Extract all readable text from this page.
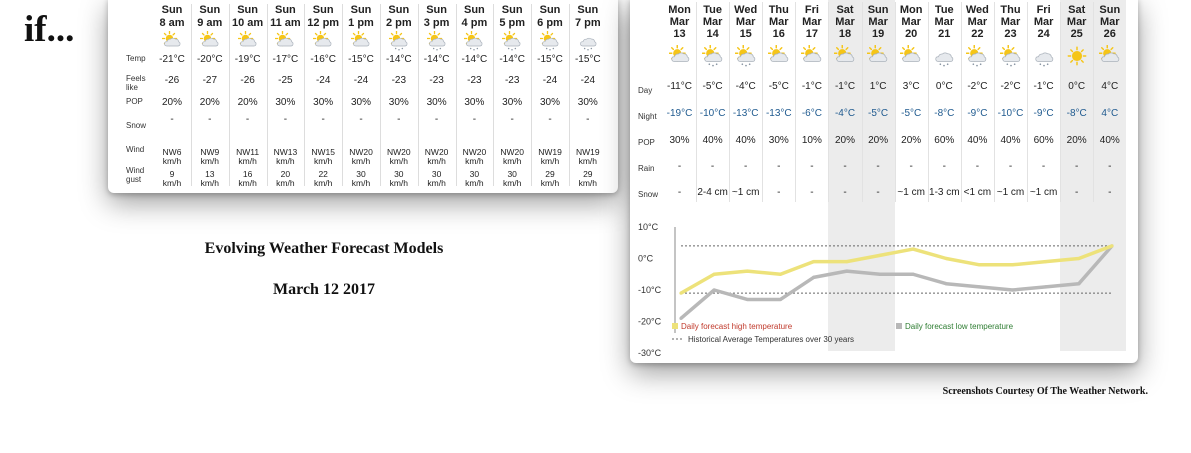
if...
Temp
Feels like
POP
Snow
Wind
Wind gust
Sun
8 am
-21°C
-26
20%
-
NW6
km/h
9
km/h
Sun
9 am
-20°C
-27
20%
-
NW9
km/h
13
km/h
Sun
10 am
-19°C
-26
20%
-
NW11
km/h
16
km/h
Sun
11 am
-17°C
-25
30%
-
NW13
km/h
20
km/h
Sun
12 pm
-16°C
-24
30%
-
NW15
km/h
22
km/h
Sun
1 pm
-15°C
-24
30%
-
NW20
km/h
30
km/h
Sun
2 pm
-14°C
-23
30%
-
NW20
km/h
30
km/h
Sun
3 pm
-14°C
-23
30%
-
NW20
km/h
30
km/h
Sun
4 pm
-14°C
-23
30%
-
NW20
km/h
30
km/h
Sun
5 pm
-14°C
-23
30%
-
NW20
km/h
30
km/h
Sun
6 pm
-15°C
-24
30%
-
NW19
km/h
29
km/h
Sun
7 pm
-15°C
-24
30%
-
NW19
km/h
29
km/h
Day
Night
POP
Rain
Snow
Mon
Mar
13
-11°C
-19°C
30%
-
-
Tue
Mar
14
-5°C
-10°C
40%
-
2-4 cm
Wed
Mar
15
-4°C
-13°C
40%
-
~1 cm
Thu
Mar
16
-5°C
-13°C
30%
-
-
Fri
Mar
17
-1°C
-6°C
10%
-
-
Sat
Mar
18
-1°C
-4°C
20%
-
-
Sun
Mar
19
1°C
-5°C
20%
-
-
Mon
Mar
20
3°C
-5°C
20%
-
~1 cm
Tue
Mar
21
0°C
-8°C
60%
-
1-3 cm
Wed
Mar
22
-2°C
-9°C
40%
-
<1 cm
Thu
Mar
23
-2°C
-10°C
40%
-
~1 cm
Fri
Mar
24
-1°C
-9°C
60%
-
~1 cm
Sat
Mar
25
0°C
-8°C
20%
-
-
Sun
Mar
26
4°C
4°C
40%
-
-
10°C
0°C
-10°C
-20°C
-30°C
Daily forecast high temperature	Daily forecast low temperature
Historical Average Temperatures over 30 years
Evolving Weather Forecast Models
March 12 2017
Screenshots Courtesy Of The Weather Network.
